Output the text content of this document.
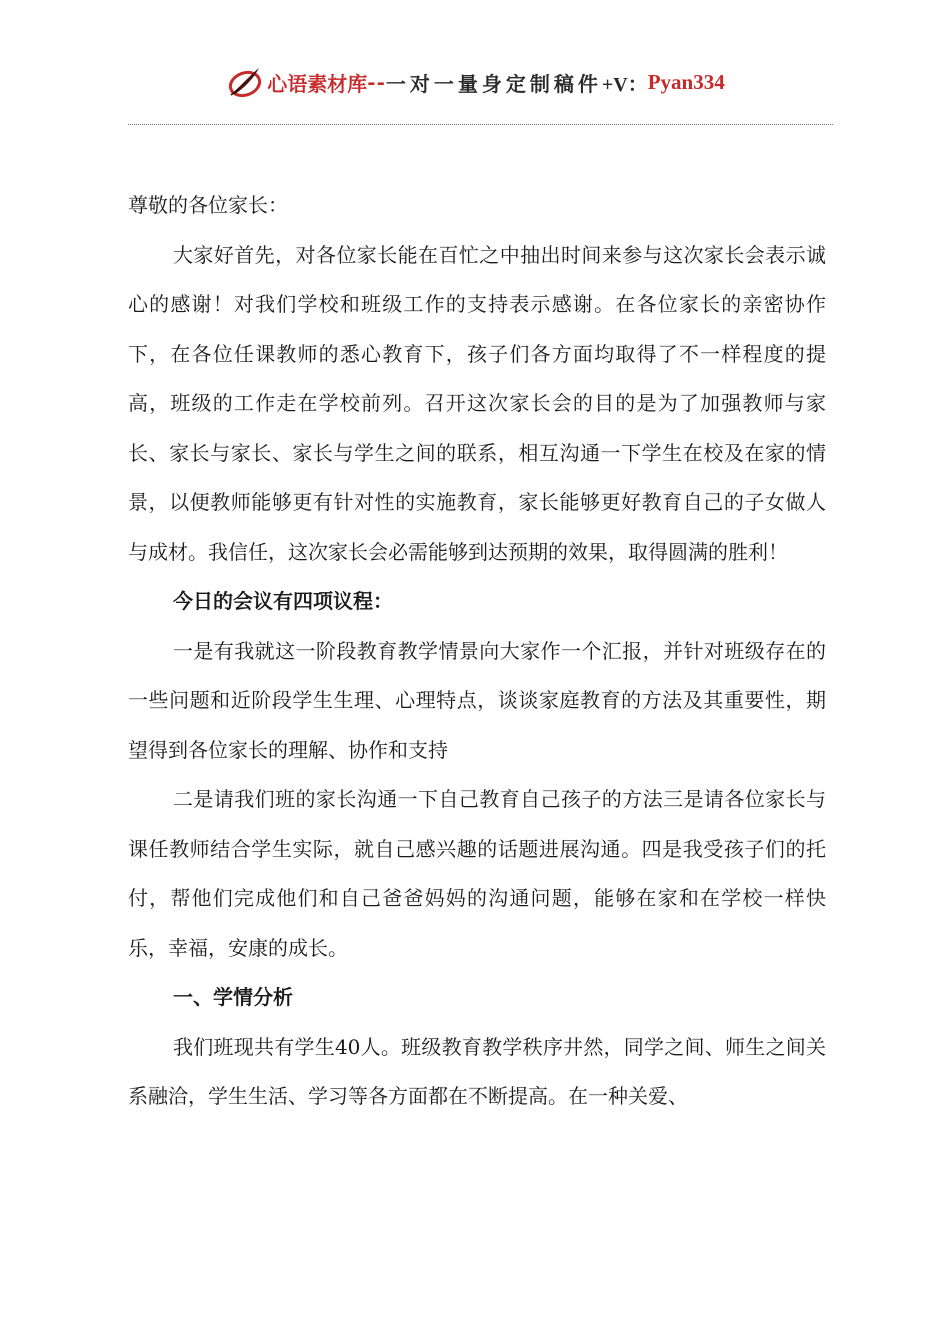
心语素材库 -- 一对一量身定制稿件 +V： Pyan334

尊敬的各位家长：

大家好首先，对各位家长能在百忙之中抽出时间来参与这次家长会表示诚心的感谢！对我们学校和班级工作的支持表示感谢。在各位家长的亲密协作下，在各位任课教师的悉心教育下，孩子们各方面均取得了不一样程度的提高，班级的工作走在学校前列。召开这次家长会的目的是为了加强教师与家长、家长与家长、家长与学生之间的联系，相互沟通一下学生在校及在家的情景，以便教师能够更有针对性的实施教育，家长能够更好教育自己的子女做人与成材。我信任，这次家长会必需能够到达预期的效果，取得圆满的胜利！

今日的会议有四项议程：

一是有我就这一阶段教育教学情景向大家作一个汇报，并针对班级存在的一些问题和近阶段学生生理、心理特点，谈谈家庭教育的方法及其重要性，期望得到各位家长的理解、协作和支持

二是请我们班的家长沟通一下自己教育自己孩子的方法三是请各位家长与课任教师结合学生实际，就自己感兴趣的话题进展沟通。四是我受孩子们的托付，帮他们完成他们和自己爸爸妈妈的沟通问题，能够在家和在学校一样快乐，幸福，安康的成长。

一、学情分析

我们班现共有学生40人。班级教育教学秩序井然，同学之间、师生之间关系融洽，学生生活、学习等各方面都在不断提高。在一种关爱、
